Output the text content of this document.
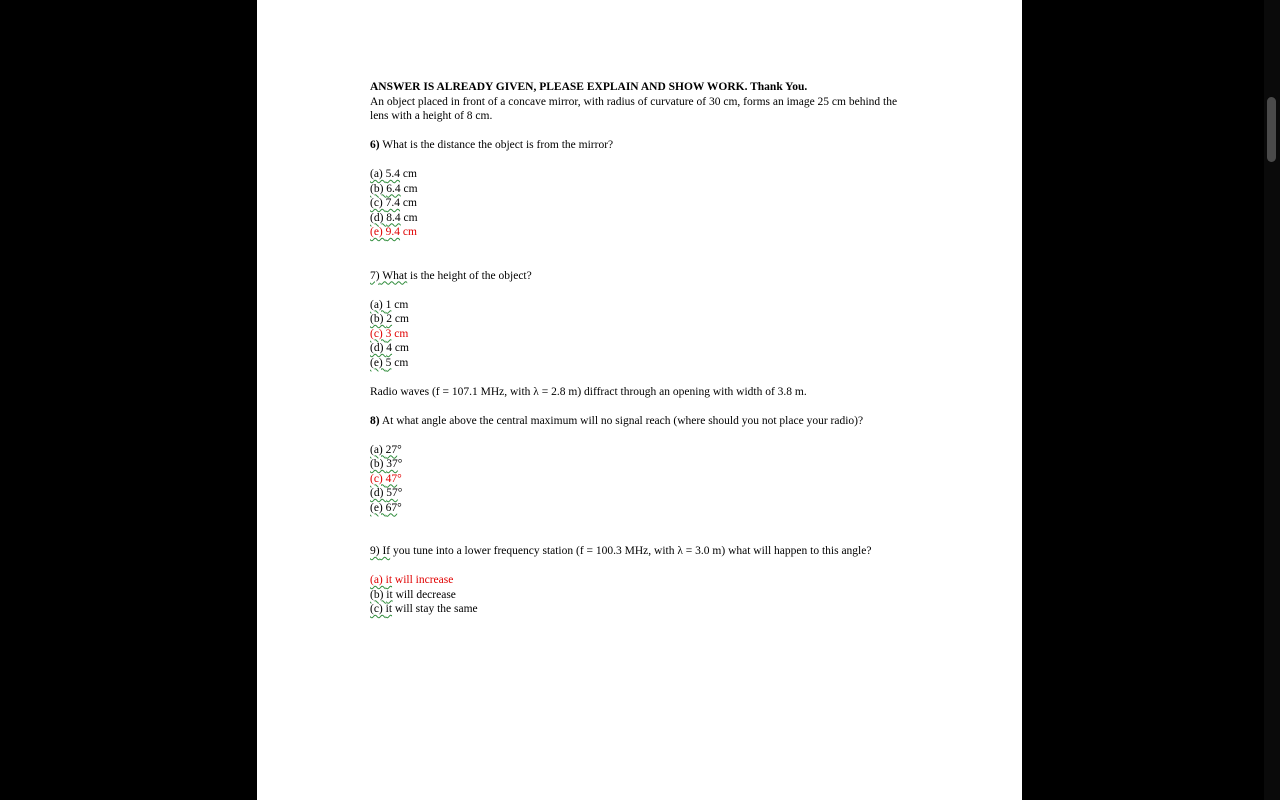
ANSWER IS ALREADY GIVEN, PLEASE EXPLAIN AND SHOW WORK. Thank You.
An object placed in front of a concave mirror, with radius of curvature of 30 cm, forms an image 25 cm behind the lens with a height of 8 cm.
6) What is the distance the object is from the mirror?
(a) 5.4 cm
(b) 6.4 cm
(c) 7.4 cm
(d) 8.4 cm
(e) 9.4 cm
7) What is the height of the object?
(a) 1 cm
(b) 2 cm
(c) 3 cm
(d) 4 cm
(e) 5 cm
Radio waves (f = 107.1 MHz, with λ = 2.8 m) diffract through an opening with width of 3.8 m.
8) At what angle above the central maximum will no signal reach (where should you not place your radio)?
(a) 27°
(b) 37°
(c) 47°
(d) 57°
(e) 67°
9) If you tune into a lower frequency station (f = 100.3 MHz, with λ = 3.0 m) what will happen to this angle?
(a) it will increase
(b) it will decrease
(c) it will stay the same
